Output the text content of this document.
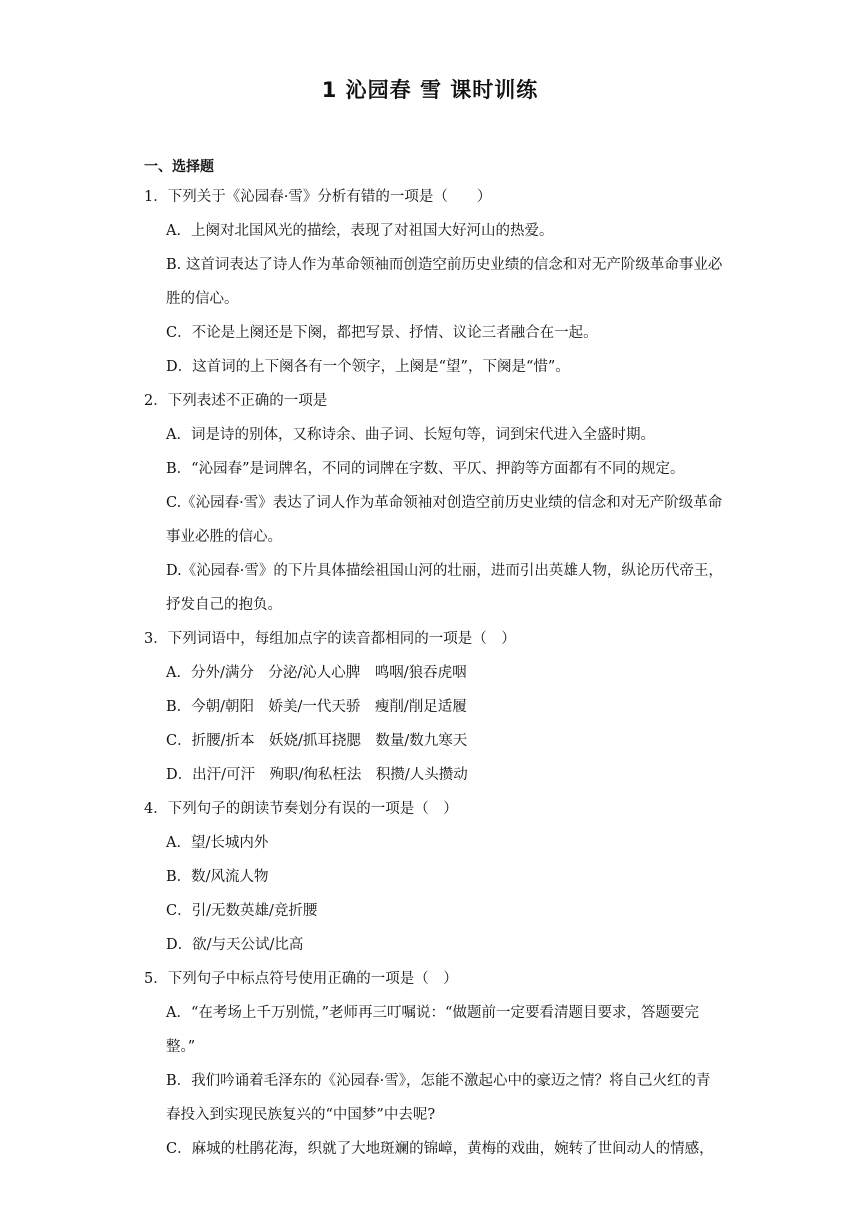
1 沁园春 雪 课时训练
一、选择题
1．下列关于《沁园春·雪》分析有错的一项是（　　）
A．上阕对北国风光的描绘，表现了对祖国大好河山的热爱。
B. 这首词表达了诗人作为革命领袖而创造空前历史业绩的信念和对无产阶级革命事业必胜的信心。
C．不论是上阕还是下阕，都把写景、抒情、议论三者融合在一起。
D．这首词的上下阕各有一个领字，上阕是“望”，下阕是“惜”。
2．下列表述不正确的一项是
A．词是诗的别体，又称诗余、曲子词、长短句等，词到宋代进入全盛时期。
B．“沁园春”是词牌名，不同的词牌在字数、平仄、押韵等方面都有不同的规定。
C.《沁园春·雪》表达了词人作为革命领袖对创造空前历史业绩的信念和对无产阶级革命事业必胜的信心。
D.《沁园春·雪》的下片具体描绘祖国山河的壮丽，进而引出英雄人物，纵论历代帝王，抒发自己的抱负。
3．下列词语中，每组加点字的读音都相同的一项是（　）
A．分外/满分　分泌/沁人心脾　鸣咽/狼吞虎咽
B．今朝/朝阳　娇美/一代天骄　瘦削/削足适履
C．折腰/折本　妖娆/抓耳挠腮　数量/数九寒天
D．出汗/可汗　殉职/徇私枉法　积攒/人头攒动
4．下列句子的朗读节奏划分有误的一项是（　）
A．望/长城内外
B．数/风流人物
C．引/无数英雄/竞折腰
D．欲/与天公试/比高
5．下列句子中标点符号使用正确的一项是（　）
A．“在考场上千万别慌，”老师再三叮嘱说：“做题前一定要看清题目要求，答题要完整。”
B．我们吟诵着毛泽东的《沁园春·雪》，怎能不激起心中的豪迈之情？将自己火红的青春投入到实现民族复兴的“中国梦”中去呢?
C．麻城的杜鹃花海，织就了大地斑斓的锦嶂，黄梅的戏曲，婉转了世间动人的情感，
